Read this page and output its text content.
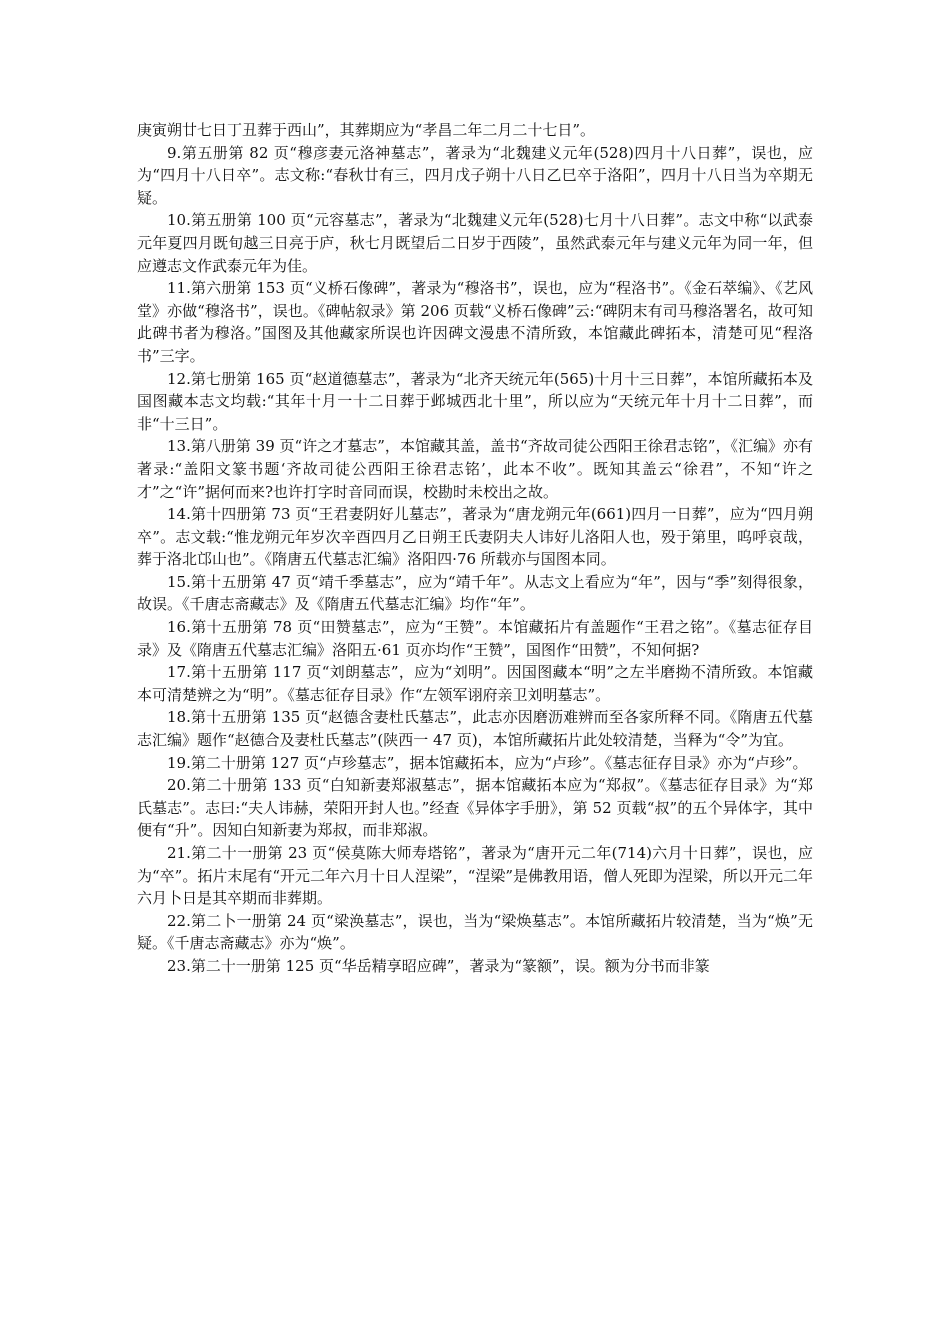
庚寅朔廿七日丁丑葬于西山”，其葬期应为“孝昌二年二月二十七日”。

9.第五册第 82 页“穆彦妻元洛神墓志”，著录为“北魏建义元年(528)四月十八日葬”，误也，应为“四月十八日卒”。志文称:“春秋廿有三，四月戊子朔十八日乙巳卒于洛阳”，四月十八日当为卒期无疑。

10.第五册第 100 页“元容墓志”，著录为“北魏建义元年(528)七月十八日葬”。志文中称“以武泰元年夏四月既旬越三日亮于庐，秋七月既望后二日岁于西陵”，虽然武泰元年与建义元年为同一年，但应遵志文作武泰元年为佳。

11.第六册第 153 页“义桥石像碑”，著录为“穆洛书”，误也，应为“程洛书”。《金石萃编》、《艺风堂》亦做“穆洛书”，误也。《碑帖叙录》第 206 页载“义桥石像碑”云:“碑阴末有司马穆洛署名，故可知此碑书者为穆洛。”国图及其他藏家所误也许因碑文漫患不清所致，本馆藏此碑拓本，清楚可见“程洛书”三字。

12.第七册第 165 页“赵道德墓志”，著录为“北齐天统元年(565)十月十三日葬”，本馆所藏拓本及国图藏本志文均载:“其年十月一十二日葬于邺城西北十里”，所以应为“天统元年十月十二日葬”，而非“十三日”。

13.第八册第 39 页“许之才墓志”，本馆藏其盖，盖书“齐故司徒公西阳王徐君志铭”，《汇编》亦有著录:“盖阳文篆书题‘齐故司徒公西阳王徐君志铭’，此本不收”。既知其盖云“徐君”，不知“许之才”之“许”据何而来?也许打字时音同而误，校勘时未校出之故。

14.第十四册第 73 页“王君妻阴好儿墓志”，著录为“唐龙朔元年(661)四月一日葬”，应为“四月朔卒”。志文载:“惟龙朔元年岁次辛酉四月乙日朔王氏妻阴夫人讳好儿洛阳人也，殁于第里，呜呼哀哉，葬于洛北邙山也”。《隋唐五代墓志汇编》洛阳四·76 所载亦与国图本同。

15.第十五册第 47 页“靖千季墓志”，应为“靖千年”。从志文上看应为“年”，因与“季”刻得很象，故误。《千唐志斋藏志》及《隋唐五代墓志汇编》均作“年”。

16.第十五册第 78 页“田赞墓志”，应为“王赞”。本馆藏拓片有盖题作“王君之铭”。《墓志征存目录》及《隋唐五代墓志汇编》洛阳五·61 页亦均作“王赞”，国图作“田赞”，不知何据?

17.第十五册第 117 页“刘朗墓志”，应为“刘明”。因国图藏本“明”之左半磨拗不清所致。本馆藏本可清楚辨之为“明”。《墓志征存目录》作“左领军诩府亲卫刘明墓志”。

18.第十五册第 135 页“赵德含妻杜氏墓志”，此志亦因磨沥难辨而至各家所释不同。《隋唐五代墓志汇编》题作“赵德合及妻杜氏墓志”(陕西一 47 页)，本馆所藏拓片此处较清楚，当释为“令”为宜。

19.第二十册第 127 页“卢珍墓志”，据本馆藏拓本，应为“卢珍”。《墓志征存目录》亦为“卢珍”。

20.第二十册第 133 页“白知新妻郑淑墓志”，据本馆藏拓本应为“郑叔”。《墓志征存目录》为“郑氏墓志”。志曰:“夫人讳赫，荣阳开封人也。”经查《异体字手册》，第 52 页载“叔”的五个异体字，其中便有“升”。因知白知新妻为郑叔，而非郑淑。

21.第二十一册第 23 页“侯莫陈大师寿塔铭”，著录为“唐开元二年(714)六月十日葬”，误也，应为“卒”。拓片末尾有“开元二年六月十日人涅梁”，“涅梁”是佛教用语，僧人死即为涅梁，所以开元二年六月卜日是其卒期而非葬期。

22.第二卜一册第 24 页“梁涣墓志”，误也，当为“梁焕墓志”。本馆所藏拓片较清楚，当为“焕”无疑。《千唐志斋藏志》亦为“焕”。

23.第二十一册第 125 页“华岳精享昭应碑”，著录为“篆额”，误。额为分书而非篆
